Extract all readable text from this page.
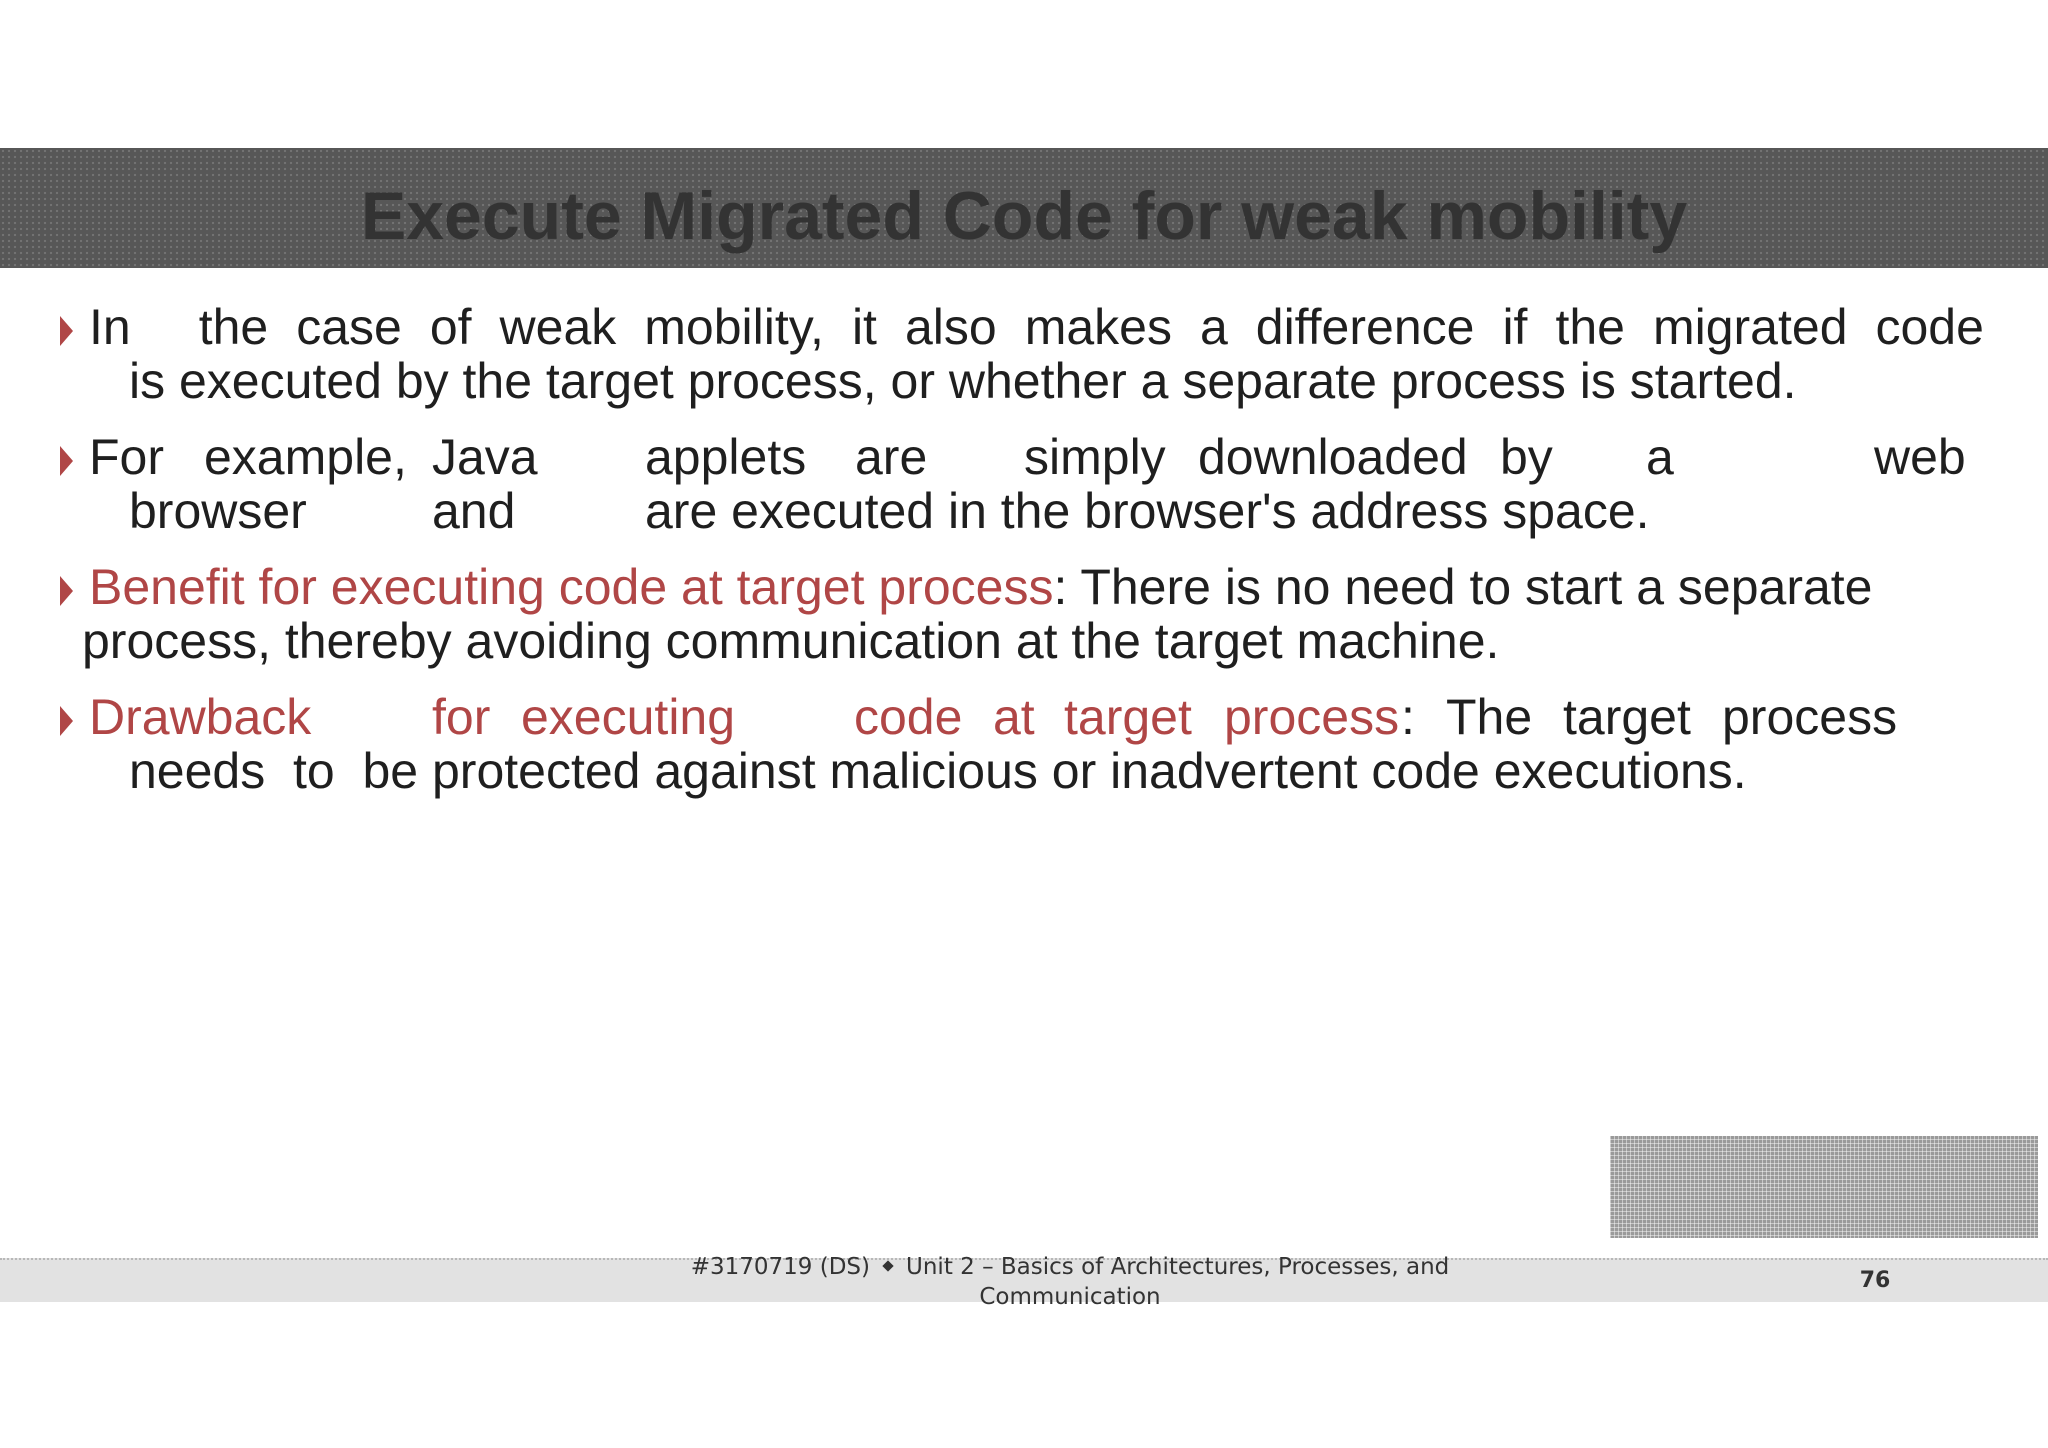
Execute Migrated Code for weak mobility
In the case of weak mobility, it also makes a difference if the migrated code
is executed by the target process, or whether a separate process is started.
For example, Java applets are simply downloaded by a	web
browser	and	are executed in the browser's address space.
Benefit for executing code at target process: There is no need to start a separate
process, thereby avoiding communication at the target machine.
Drawback for executing code at target process : The target process
needs  to  be protected against malicious or inadvertent code executions.
#3170719 (DS) Unit 2 – Basics of Architectures, Processes, and
Communication
76
